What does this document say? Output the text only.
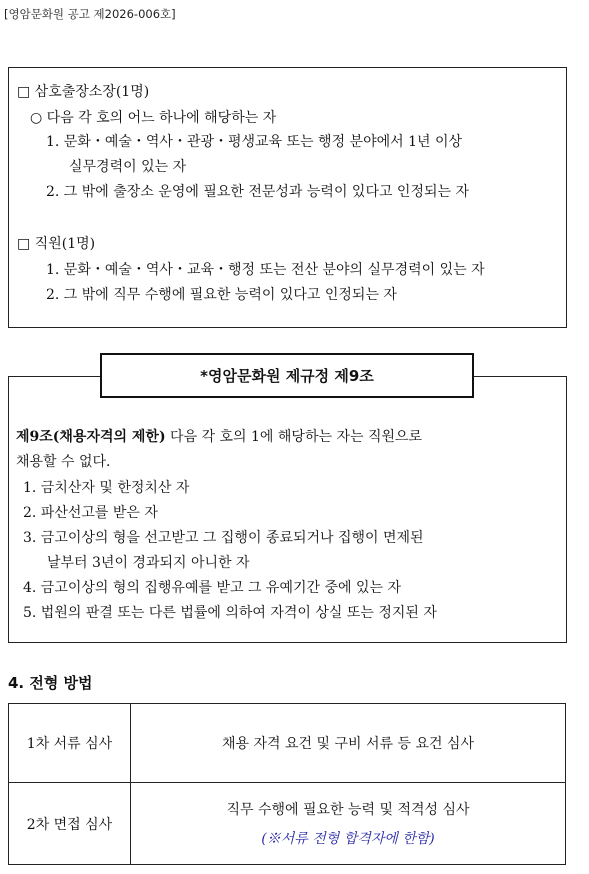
[영암문화원 공고 제2026-006호]
□ 삼호출장소장(1명)
○ 다음 각 호의 어느 하나에 해당하는 자
1. 문화・예술・역사・관광・평생교육 또는 행정 분야에서 1년 이상
실무경력이 있는 자
2. 그 밖에 출장소 운영에 필요한 전문성과 능력이 있다고 인정되는 자
□ 직원(1명)
1. 문화・예술・역사・교육・행정 또는 전산 분야의 실무경력이 있는 자
2. 그 밖에 직무 수행에 필요한 능력이 있다고 인정되는 자
제9조(채용자격의 제한) 다음 각 호의 1에 해당하는 자는 직원으로
채용할 수 없다.
1. 금치산자 및 한정치산 자
2. 파산선고를 받은 자
3. 금고이상의 형을 선고받고 그 집행이 종료되거나 집행이 면제된
날부터 3년이 경과되지 아니한 자
4. 금고이상의 형의 집행유예를 받고 그 유예기간 중에 있는 자
5. 법원의 판결 또는 다른 법률에 의하여 자격이 상실 또는 정지된 자
*영암문화원 제규정 제9조
4. 전형 방법
1차 서류 심사	채용 자격 요건 및 구비 서류 등 요건 심사
2차 면접 심사	직무 수행에 필요한 능력 및 적격성 심사
(※서류 전형 합격자에 한함)
